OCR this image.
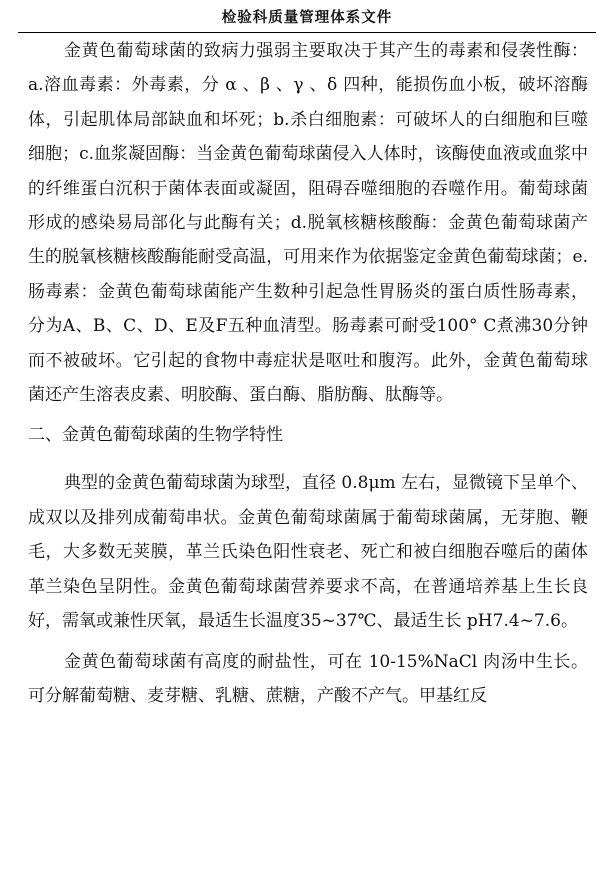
检验科质量管理体系文件

金黄色葡萄球菌的致病力强弱主要取决于其产生的毒素和侵袭性酶：a.溶血毒素：外毒素，分 α 、β 、γ 、δ 四种，能损伤血小板，破坏溶酶体，引起肌体局部缺血和坏死；b.杀白细胞素：可破坏人的白细胞和巨噬细胞；c.血浆凝固酶：当金黄色葡萄球菌侵入人体时，该酶使血液或血浆中的纤维蛋白沉积于菌体表面或凝固，阻碍吞噬细胞的吞噬作用。葡萄球菌形成的感染易局部化与此酶有关；d.脱氧核糖核酸酶：金黄色葡萄球菌产生的脱氧核糖核酸酶能耐受高温，可用来作为依据鉴定金黄色葡萄球菌；e.肠毒素：金黄色葡萄球菌能产生数种引起急性胃肠炎的蛋白质性肠毒素，分为A、B、C、D、E及F五种血清型。肠毒素可耐受100° C煮沸30分钟而不被破坏。它引起的食物中毒症状是呕吐和腹泻。此外，金黄色葡萄球菌还产生溶表皮素、明胶酶、蛋白酶、脂肪酶、肽酶等。

二、金黄色葡萄球菌的生物学特性

典型的金黄色葡萄球菌为球型，直径 0.8μm 左右，显微镜下呈单个、成双以及排列成葡萄串状。金黄色葡萄球菌属于葡萄球菌属，无芽胞、鞭毛，大多数无荚膜，革兰氏染色阳性衰老、死亡和被白细胞吞噬后的菌体革兰染色呈阴性。金黄色葡萄球菌营养要求不高，在普通培养基上生长良好，需氧或兼性厌氧，最适生长温度35~37℃、最适生长 pH7.4~7.6。

金黄色葡萄球菌有高度的耐盐性，可在 10-15%NaCl 肉汤中生长。可分解葡萄糖、麦芽糖、乳糖、蔗糖，产酸不产气。甲基红反
